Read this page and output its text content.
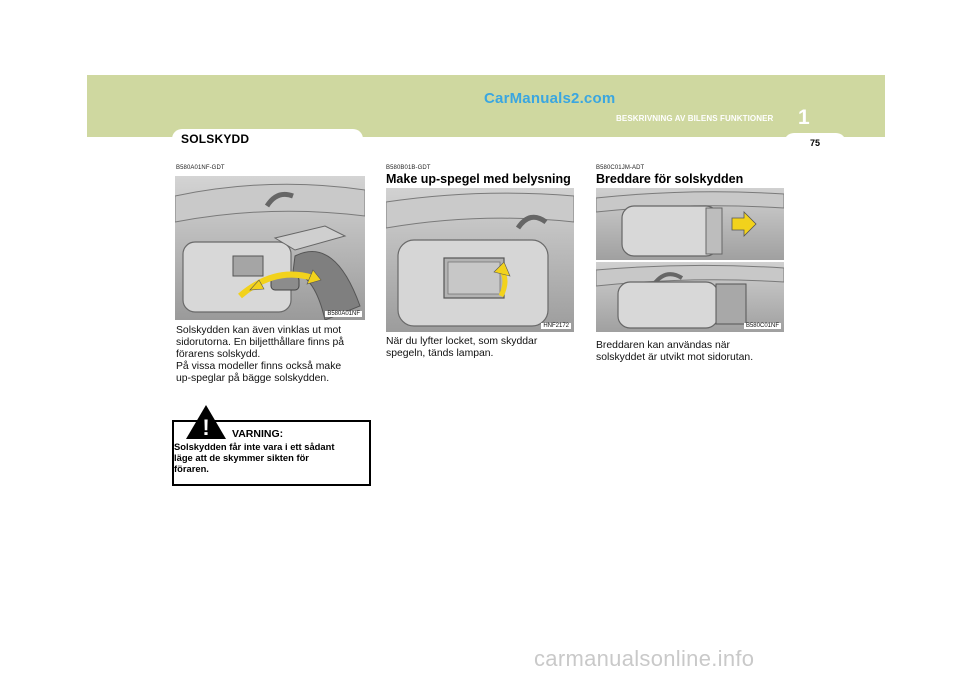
CarManuals2.com
1
BESKRIVNING AV BILENS FUNKTIONER
75
SOLSKYDD
B580A01NF-GDT
B580A01NF
Solskydden kan även vinklas ut mot
sidorutorna. En biljetthållare finns på
förarens solskydd.
På vissa modeller finns också make
up-speglar på bägge solskydden.
! VARNING:
Solskydden får inte vara i ett sådant
läge att de skymmer sikten för
föraren.
B580B01B-GDT
Make up-spegel med belysning
HNF2172
När du lyfter locket, som skyddar
spegeln, tänds lampan.
B580C01JM-ADT
Breddare för solskydden
B580C01NF
Breddaren kan användas när
solskyddet är utvikt mot sidorutan.
carmanualsonline.info
